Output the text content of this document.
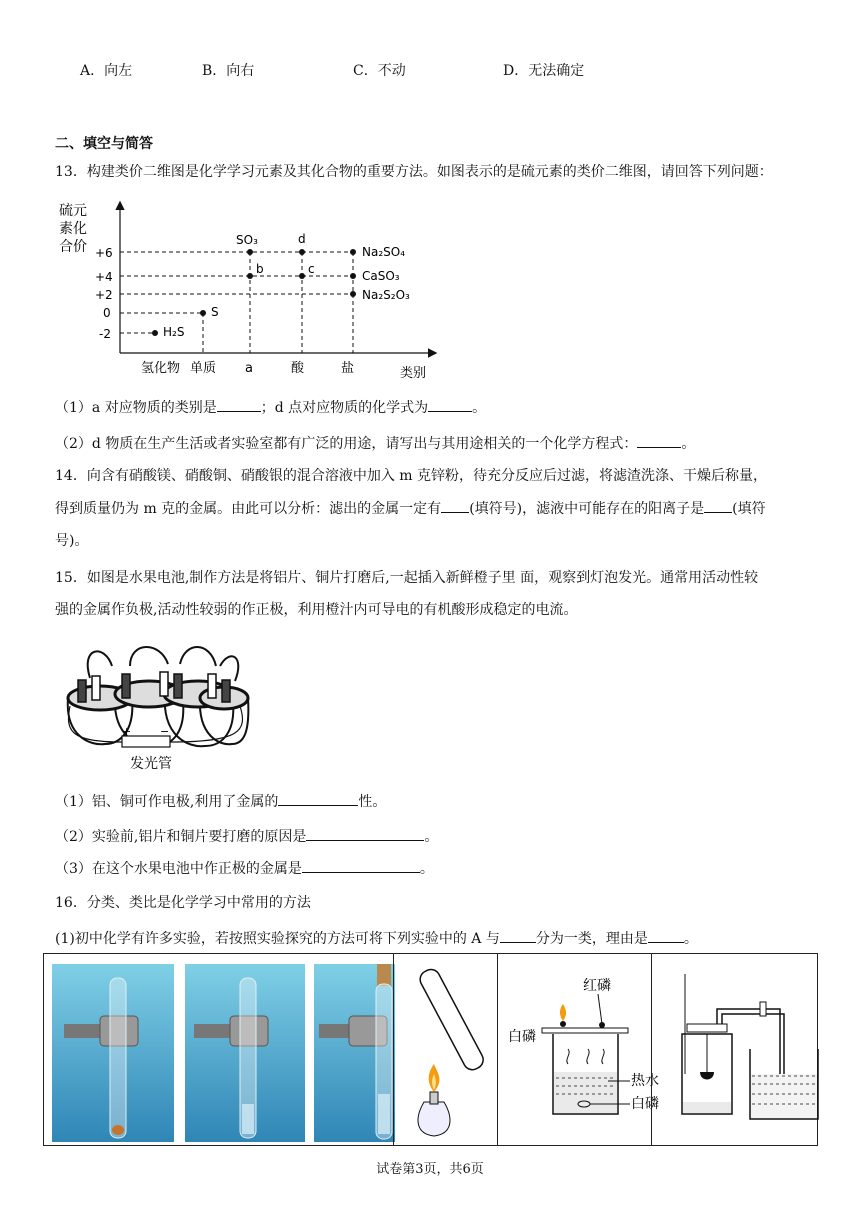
A．向左	B．向右	C．不动	D．无法确定
二、填空与简答
13．构建类价二维图是化学学习元素及其化合物的重要方法。如图表示的是硫元素的类价二维图，请回答下列问题：
硫元
素化
合价 +6
+4
+2
0
-2	H₂S
S
SO₃
b
d
c
Na₂SO₄
CaSO₃
Na₂S₂O₃
氢化物 单质 a	酸	盐	类别
（1）a 对应物质的类别是	；d 点对应物质的化学式为	。
（2）d 物质在生产生活或者实验室都有广泛的用途，请写出与其用途相关的一个化学方程式：	。
14．向含有硝酸镁、硝酸铜、硝酸银的混合溶液中加入 m 克锌粉，待充分反应后过滤，将滤渣洗涤、干燥后称量，
得到质量仍为 m 克的金属。由此可以分析：滤出的金属一定有 (填符号)，滤液中可能存在的阳离子是 (填符
号)。
15．如图是水果电池,制作方法是将铝片、铜片打磨后,一起插入新鲜橙子里 面，观察到灯泡发光。通常用活动性较
强的金属作负极,活动性较弱的作正极，利用橙汁内可导电的有机酸形成稳定的电流。
+	−
发光管
（1）铝、铜可作电极,利用了金属的	性。
（2）实验前,铝片和铜片要打磨的原因是	。
（3）在这个水果电池中作正极的金属是	。
16．分类、类比是化学学习中常用的方法
(1)初中化学有许多实验，若按照实验探究的方法可将下列实验中的 A 与	分为一类，理由是	。
红磷
白磷
热水
白磷
试卷第3页，共6页
